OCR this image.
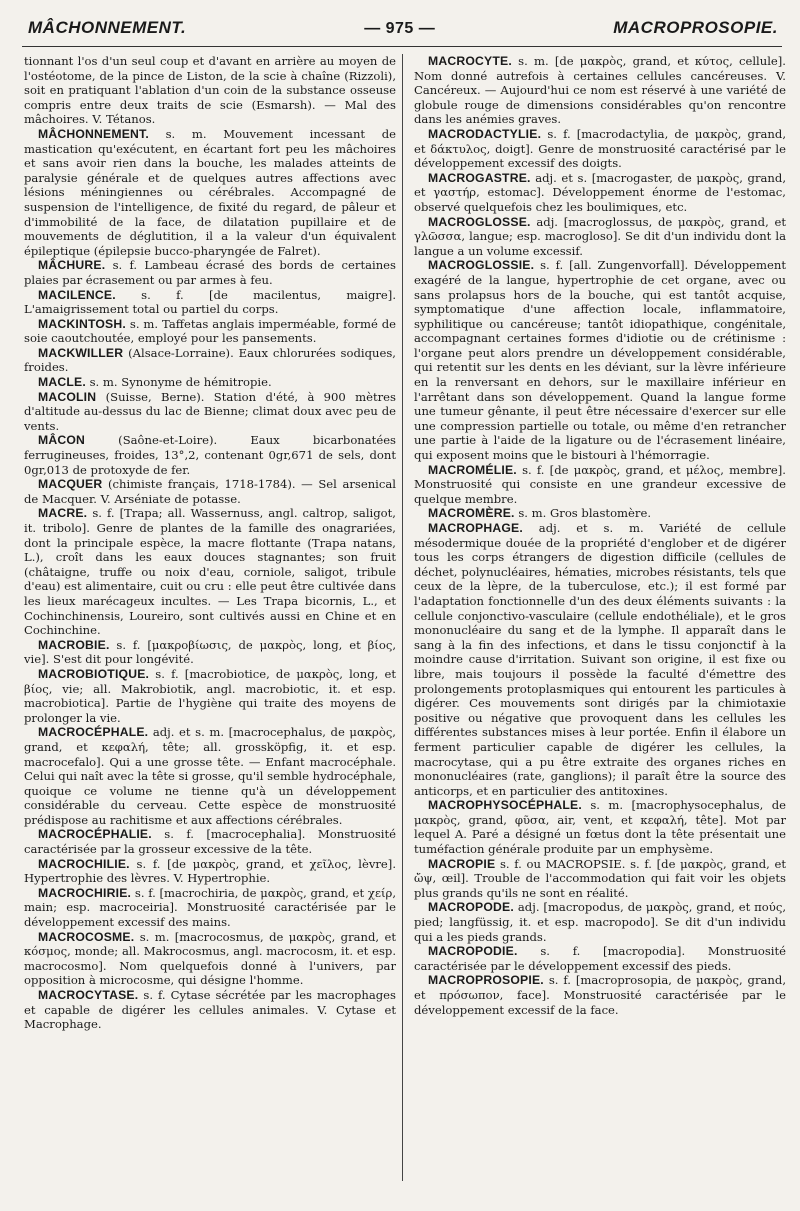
MÂCHONNEMENT.	— 975 —	MACROPROSOPIE.

tionnant l'os d'un seul coup et d'avant en arrière au moyen de l'ostéotome, de la pince de Liston, de la scie à chaîne (Rizzoli), soit en pratiquant l'ablation d'un coin de la substance osseuse compris entre deux traits de scie (Esmarsh). — Mal des mâchoires. V. Tétanos.

MÂCHONNEMENT. s. m. Mouvement incessant de mastication qu'exécutent, en écartant fort peu les mâchoires et sans avoir rien dans la bouche, les malades atteints de paralysie générale et de quelques autres affections avec lésions méningiennes ou cérébrales. Accompagné de suspension de l'intelligence, de fixité du regard, de pâleur et d'immobilité de la face, de dilatation pupillaire et de mouvements de déglutition, il a la valeur d'un équivalent épileptique (épilepsie bucco-pharyngée de Falret).

MÂCHURE. s. f. Lambeau écrasé des bords de certaines plaies par écrasement ou par armes à feu.

MACILENCE. s. f. [de macilentus, maigre]. L'amaigrissement total ou partiel du corps.

MACKINTOSH. s. m. Taffetas anglais imperméable, formé de soie caoutchoutée, employé pour les pansements.

MACKWILLER (Alsace-Lorraine). Eaux chlorurées sodiques, froides.

MACLE. s. m. Synonyme de hémitropie.

MACOLIN (Suisse, Berne). Station d'été, à 900 mètres d'altitude au-dessus du lac de Bienne; climat doux avec peu de vents.

MÂCON	(Saône-et-Loire). Eaux bicarbonatées ferrugineuses, froides, 13°,2, contenant 0gr,671 de sels, dont 0gr,013 de protoxyde de fer.

MACQUER (chimiste français, 1718-1784). — Sel arsenical de Macquer. V. Arséniate de potasse.

MACRE. s. f. [Trapa; all. Wassernuss, angl. caltrop, saligot, it. tribolo]. Genre de plantes de la famille des onagrariées, dont la principale espèce, la macre flottante (Trapa natans, L.), croît dans les eaux douces stagnantes; son fruit (châtaigne, truffe ou noix d'eau, corniole, saligot, tribule d'eau) est alimentaire, cuit ou cru : elle peut être cultivée dans les lieux marécageux incultes. — Les Trapa bicornis, L., et Cochinchinensis, Loureiro, sont cultivés aussi en Chine et en Cochinchine.

MACROBIE. s. f. [μακροβίωσις, de μακρὸς, long, et βίος, vie]. S'est dit pour longévité.

MACROBIOTIQUE. s. f. [macrobiotice, de μακρὸς, long, et βίος, vie; all. Makrobiotik, angl. macrobiotic, it. et esp. macrobiotica]. Partie de l'hygiène qui traite des moyens de prolonger la vie.

MACROCÉPHALE. adj. et s. m. [macrocephalus, de μακρὸς, grand, et κεφαλή, tête; all. grossköpfig, it. et esp. macrocefalo]. Qui a une grosse tête. — Enfant macrocéphale. Celui qui naît avec la tête si grosse, qu'il semble hydrocéphale, quoique ce volume ne tienne qu'à un développement considérable du cerveau. Cette espèce de monstruosité prédispose au rachitisme et aux affections cérébrales.

MACROCÉPHALIE. s. f. [macrocephalia]. Monstruosité caractérisée par la grosseur excessive de la tête.

MACROCHILIE. s. f. [de μακρὸς, grand, et χεῖλος, lèvre]. Hypertrophie des lèvres. V. Hypertrophie.

MACROCHIRIE. s. f. [macrochiria, de μακρὸς, grand, et χείρ, main; esp. macroceiria]. Monstruosité caractérisée par le développement excessif des mains.

MACROCOSME. s. m. [macrocosmus, de μακρὸς, grand, et κόσμος, monde; all. Makrocosmus, angl. macrocosm, it. et esp. macrocosmo]. Nom quelquefois donné à l'univers, par opposition à microcosme, qui désigne l'homme.

MACROCYTASE. s. f. Cytase sécrétée par les macrophages et capable de digérer les cellules animales. V. Cytase et Macrophage.

MACROCYTE. s. m. [de μακρὸς, grand, et κύτος, cellule]. Nom donné autrefois à certaines cellules cancéreuses. V. Cancéreux. — Aujourd'hui ce nom est réservé à une variété de globule rouge de dimensions considérables qu'on rencontre dans les anémies graves.

MACRODACTYLIE. s. f. [macrodactylia, de μακρὸς, grand, et δάκτυλος, doigt]. Genre de monstruosité caractérisé par le développement excessif des doigts.

MACROGASTRE. adj. et s. [macrogaster, de μακρὸς, grand, et γαστήρ, estomac]. Développement énorme de l'estomac, observé quelquefois chez les boulimiques, etc.

MACROGLOSSE. adj. [macroglossus, de μακρὸς, grand, et γλῶσσα, langue; esp. macrogloso]. Se dit d'un individu dont la langue a un volume excessif.

MACROGLOSSIE. s. f. [all. Zungenvorfall]. Développement exagéré de la langue, hypertrophie de cet organe, avec ou sans prolapsus hors de la bouche, qui est tantôt acquise, symptomatique d'une affection locale, inflammatoire, syphilitique ou cancéreuse; tantôt idiopathique, congénitale, accompagnant certaines formes d'idiotie ou de crétinisme : l'organe peut alors prendre un développement considérable, qui retentit sur les dents en les déviant, sur la lèvre inférieure en la renversant en dehors, sur le maxillaire inférieur en l'arrêtant dans son développement. Quand la langue forme une tumeur gênante, il peut être nécessaire d'exercer sur elle une compression partielle ou totale, ou même d'en retrancher une partie à l'aide de la ligature ou de l'écrasement linéaire, qui exposent moins que le bistouri à l'hémorragie.

MACROMÉLIE. s. f. [de μακρὸς, grand, et μέλος, membre]. Monstruosité qui consiste en une grandeur excessive de quelque membre.

MACROMÈRE. s. m. Gros blastomère.

MACROPHAGE. adj. et s. m. Variété de cellule mésodermique douée de la propriété d'englober et de digérer tous les corps étrangers de digestion difficile (cellules de déchet, polynucléaires, hématies, microbes résistants, tels que ceux de la lèpre, de la tuberculose, etc.); il est formé par l'adaptation fonctionnelle d'un des deux éléments suivants : la cellule conjonctivo-vasculaire (cellule endothéliale), et le gros mononucléaire du sang et de la lymphe. Il apparaît dans le sang à la fin des infections, et dans le tissu conjonctif à la moindre cause d'irritation. Suivant son origine, il est fixe ou libre, mais toujours il possède la faculté d'émettre des prolongements protoplasmiques qui entourent les particules à digérer. Ces mouvements sont dirigés par la chimiotaxie positive ou négative que provoquent dans les cellules les différentes substances mises à leur portée. Enfin il élabore un ferment particulier capable de digérer les cellules, la macrocytase, qui a pu être extraite des organes riches en mononucléaires (rate, ganglions); il paraît être la source des anticorps, et en particulier des antitoxines.

MACROPHYSOCÉPHALE. s. m. [macrophysocephalus, de μακρὸς, grand, φῦσα, air, vent, et κεφαλή, tête]. Mot par lequel A. Paré a désigné un fœtus dont la tête présentait une tuméfaction générale produite par un emphysème.

MACROPIE s. f. ou MACROPSIE. s. f. [de μακρὸς, grand, et ὤψ, œil]. Trouble de l'accommodation qui fait voir les objets plus grands qu'ils ne sont en réalité.

MACROPODE. adj. [macropodus, de μακρὸς, grand, et πούς, pied; langfüssig, it. et esp. macropodo]. Se dit d'un individu qui a les pieds grands.

MACROPODIE. s. f. [macropodia]. Monstruosité caractérisée par le développement excessif des pieds.

MACROPROSOPIE. s. f. [macroprosopia, de μακρὸς, grand, et πρόσωπον, face]. Monstruosité caractérisée par le développement excessif de la face.
